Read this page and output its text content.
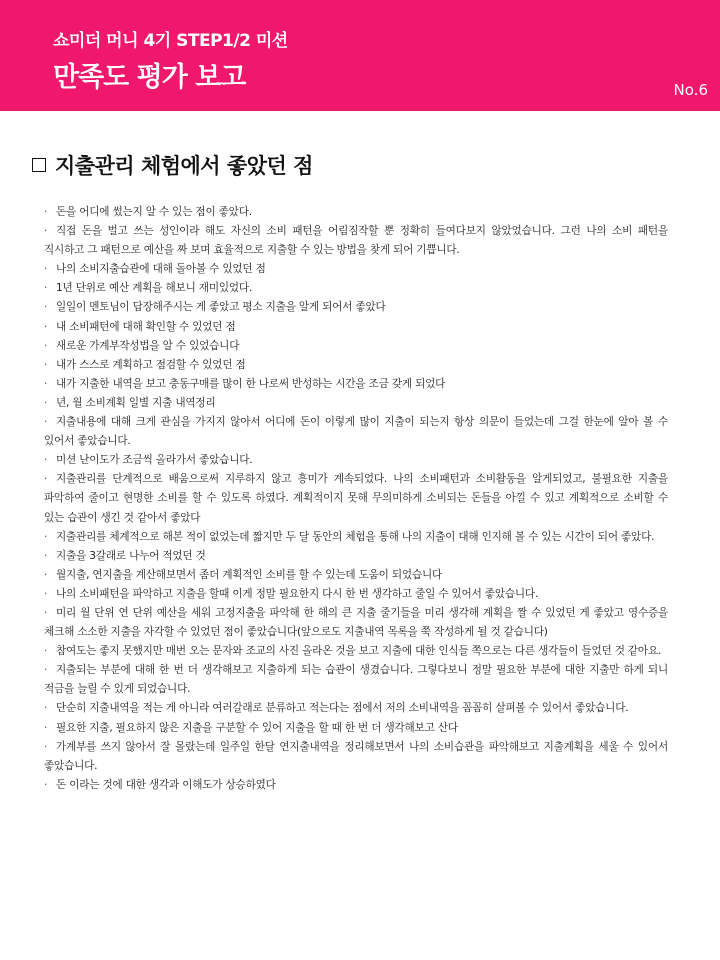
쇼미더 머니 4기 STEP1/2 미션
만족도 평가 보고	No.6
지출관리 체험에서 좋았던 점

· 돈을 어디에 썼는지 알 수 있는 점이 좋았다.

· 직접 돈을 벌고 쓰는 성인이라 해도 자신의 소비 패턴을 어림짐작할 뿐 정확히 들여다보지 않았었습니다. 그런 나의 소비 패턴을 직시하고 그 패턴으로 예산을 짜 보며 효율적으로 지출할 수 있는 방법을 찾게 되어 기쁩니다.

· 나의 소비지출습관에 대해 돌아볼 수 있었던 점

· 1년 단위로 예산 계획을 해보니 재미있었다.

· 일일이 멘토님이 답장해주시는 게 좋았고 평소 지출을 알게 되어서 좋았다

· 내 소비패턴에 대해 확인할 수 있었던 점

· 새로운 가계부작성법을 알 수 있었습니다

· 내가 스스로 계획하고 점검할 수 있었던 점

· 내가 지출한 내역을 보고 충동구매를 많이 한 나로써 반성하는 시간을 조금 갖게 되었다

· 년, 월 소비계획 일별 지출 내역정리

· 지출내용에 대해 크게 관심을 가지지 않아서 어디에 돈이 이렇게 많이 지출이 되는지 항상 의문이 들었는데 그걸 한눈에 알아 볼 수 있어서 좋았습니다.

· 미션 난이도가 조금씩 올라가서 좋았습니다.

· 지출관리를 단계적으로 배움으로써 지루하지 않고 흥미가 계속되었다. 나의 소비패턴과 소비활동을 알게되었고, 불필요한 지출을 파악하여 줄이고 현명한 소비를 할 수 있도록 하였다. 계획적이지 못해 무의미하게 소비되는 돈들을 아낄 수 있고 계획적으로 소비할 수 있는 습관이 생긴 것 같아서 좋았다

· 지출관리를 체계적으로 해본 적이 없었는데 짧지만 두 달 동안의 체험을 통해 나의 지출이 대해 인지해 볼 수 있는 시간이 되어 좋았다.

· 지출을 3갈래로 나누어 적었던 것

· 월지출, 연지출을 계산해보면서 좀더 계획적인 소비를 할 수 있는데 도움이 되었습니다

· 나의 소비패턴을 파악하고 지출을 할때 이게 정말 필요한지 다시 한 번 생각하고 줄일 수 있어서 좋았습니다.

· 미리 월 단위 연 단위 예산을 세워 고정지출을 파악해 한 해의 큰 지출 줄기들을 미리 생각해 계획을 짤 수 있었던 게 좋았고 영수증을 체크해 소소한 지출을 자각할 수 있었던 점이 좋았습니다(앞으로도 지출내역 목록을 쭉 작성하게 될 것 같습니다)

· 참여도는 좋지 못했지만 매번 오는 문자와 조교의 사진 올라온 것을 보고 지출에 대한 인식들 쪽으로는 다른 생각들이 들었던 것 같아요.

· 지출되는 부분에 대해 한 번 더 생각해보고 지출하게 되는 습관이 생겼습니다. 그렇다보니 정말 필요한 부분에 대한 지출만 하게 되니 적금을 늘릴 수 있게 되었습니다.

· 단순히 지출내역을 적는 게 아니라 여러갈래로 분류하고 적는다는 점에서 저의 소비내역을 꼼꼼히 살펴볼 수 있어서 좋았습니다.

· 필요한 지출, 필요하지 않은 지출을 구분할 수 있어 지출을 할 때 한 번 더 생각해보고 산다

· 가계부를 쓰지 않아서 잘 몰랐는데 일주일 한달 연지출내역을 정리해보면서 나의 소비습관을 파악해보고 지출계획을 세울 수 있어서 좋았습니다.

· 돈 이라는 것에 대한 생각과 이해도가 상승하였다
